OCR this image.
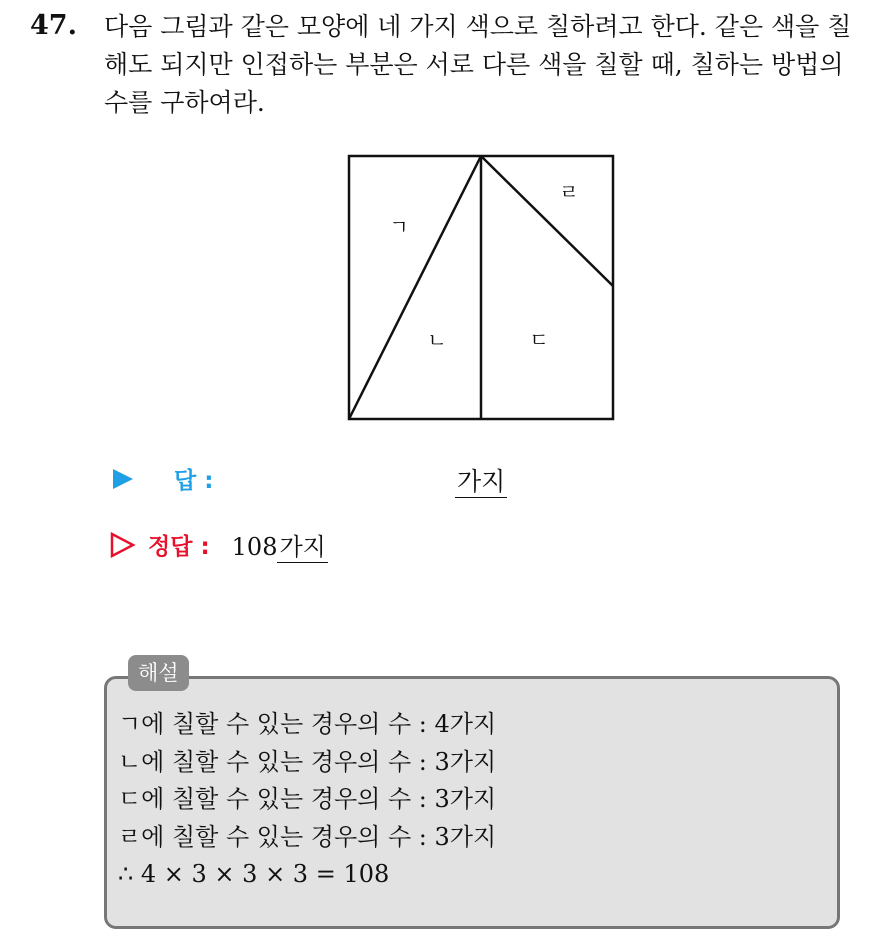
47. 다음 그림과 같은 모양에 네 가지 색으로 칠하려고 한다. 같은 색을 칠해도 되지만 인접하는 부분은 서로 다른 색을 칠할 때, 칠하는 방법의 수를 구하여라.

ㄱ
ㄴ	ㄷ
ㄹ
답 :	가지
정답 : 108가지
해설
ㄱ에 칠할 수 있는 경우의 수 : 4가지
ㄴ에 칠할 수 있는 경우의 수 : 3가지
ㄷ에 칠할 수 있는 경우의 수 : 3가지
ㄹ에 칠할 수 있는 경우의 수 : 3가지
∴ 4 × 3 × 3 × 3 = 108
